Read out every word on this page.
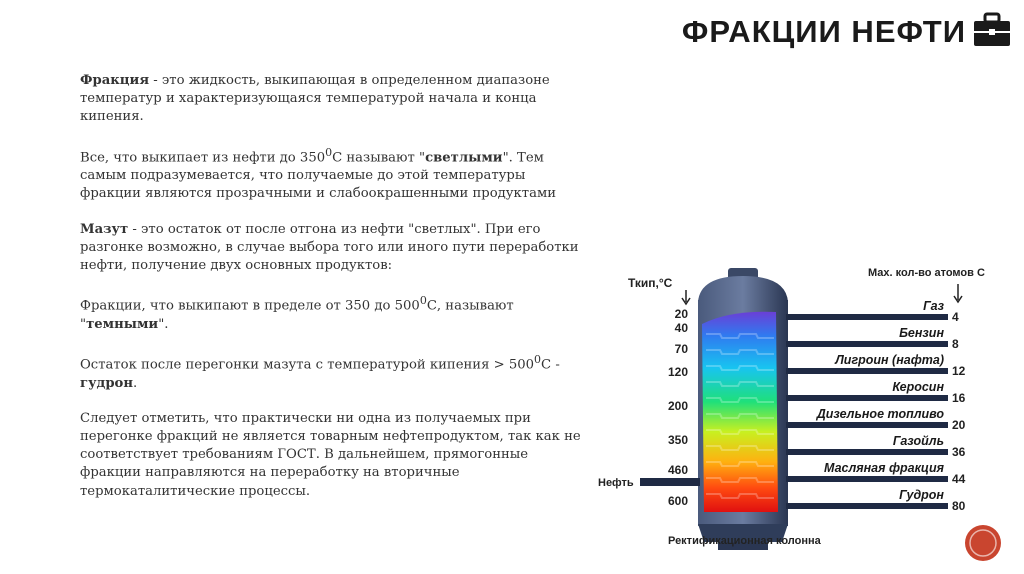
ФРАКЦИИ НЕФТИ

Фракция - это жидкость, выкипающая в определенном диапазоне температур и характеризующаяся температурой начала и конца кипения.

Все, что выкипает из нефти до $350^0С$ называют "светлыми". Тем самым подразумевается, что получаемые до этой температуры фракции являются прозрачными и слабоокрашенными продуктами

Мазут - это остаток от после отгона из нефти "светлых". При его разгонке возможно, в случае выбора того или иного пути переработки нефти, получение двух основных продуктов:

Фракции, что выкипают в пределе от 350 до $500^0С$, называют "темными".

Остаток после перегонки мазута с температурой кипения > $500^0С$ - гудрон.

Следует отметить, что практически ни одна из получаемых при перегонке фракций не является товарным нефтепродуктом, так как не соответствует требованиям ГОСТ. В дальнейшем, прямогонные фракции направляются на переработку на вторичные термокаталитические процессы.

Ткип,°С
Мах. кол-во атомов С
20
40
70
120
200
350
460
600
Газ
4
Бензин
8
Лигроин (нафта)
12
Керосин
16
Дизельное топливо
20
Газойль
36
Масляная фракция
44
Гудрон
80
Нефть
Ректификационная колонна
